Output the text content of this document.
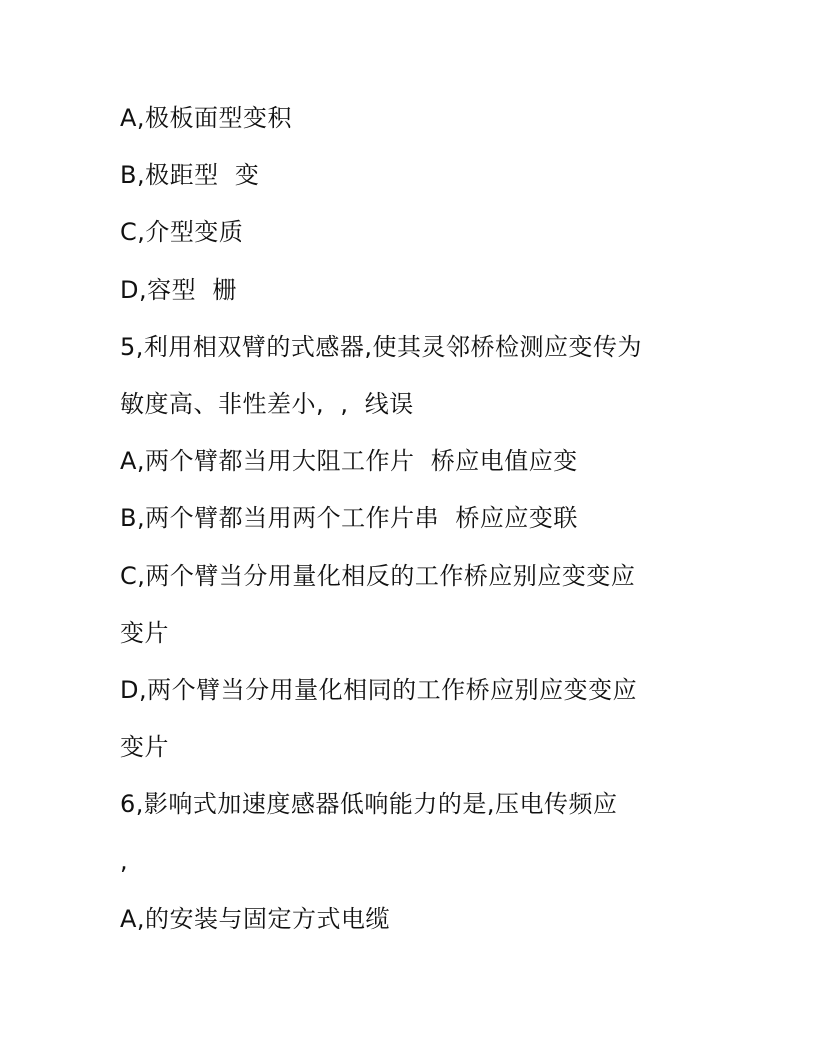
A,极板面型变积
B,极距型  变
C,介型变质
D,容型  栅
5,利用相双臂的式感器,使其灵邻桥检测应变传为
敏度高、非性差小,  ,  线误
A,两个臂都当用大阻工作片  桥应电值应变
B,两个臂都当用两个工作片串  桥应应变联
C,两个臂当分用量化相反的工作桥应别应变变应
变片
D,两个臂当分用量化相同的工作桥应别应变变应
变片
6,影响式加速度感器低响能力的是,压电传频应
,
A,的安装与固定方式电缆
